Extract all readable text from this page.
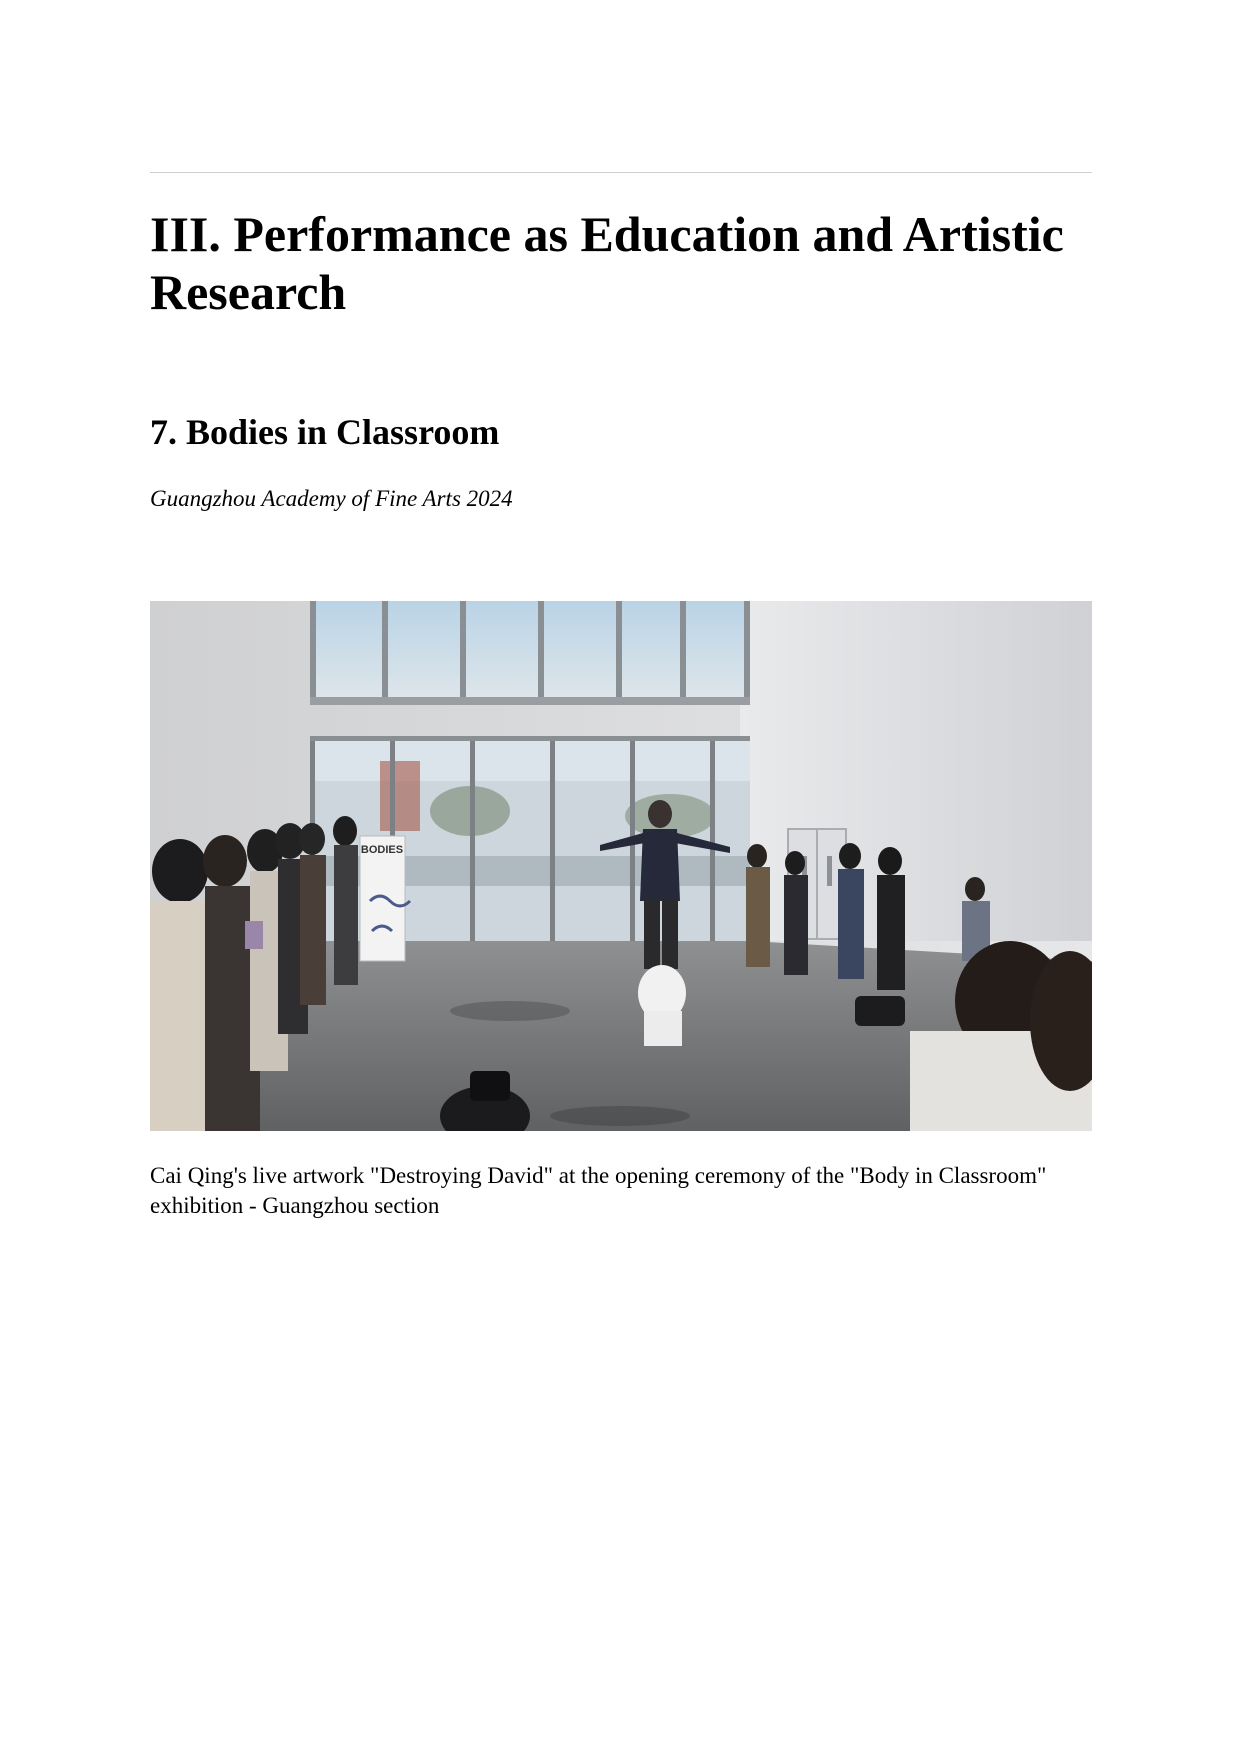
III. Performance as Education and Artistic Research
7. Bodies in Classroom

Guangzhou Academy of Fine Arts 2024

BODIES

Cai Qing's live artwork "Destroying David" at the opening ceremony of the "Body in Classroom" exhibition - Guangzhou section
